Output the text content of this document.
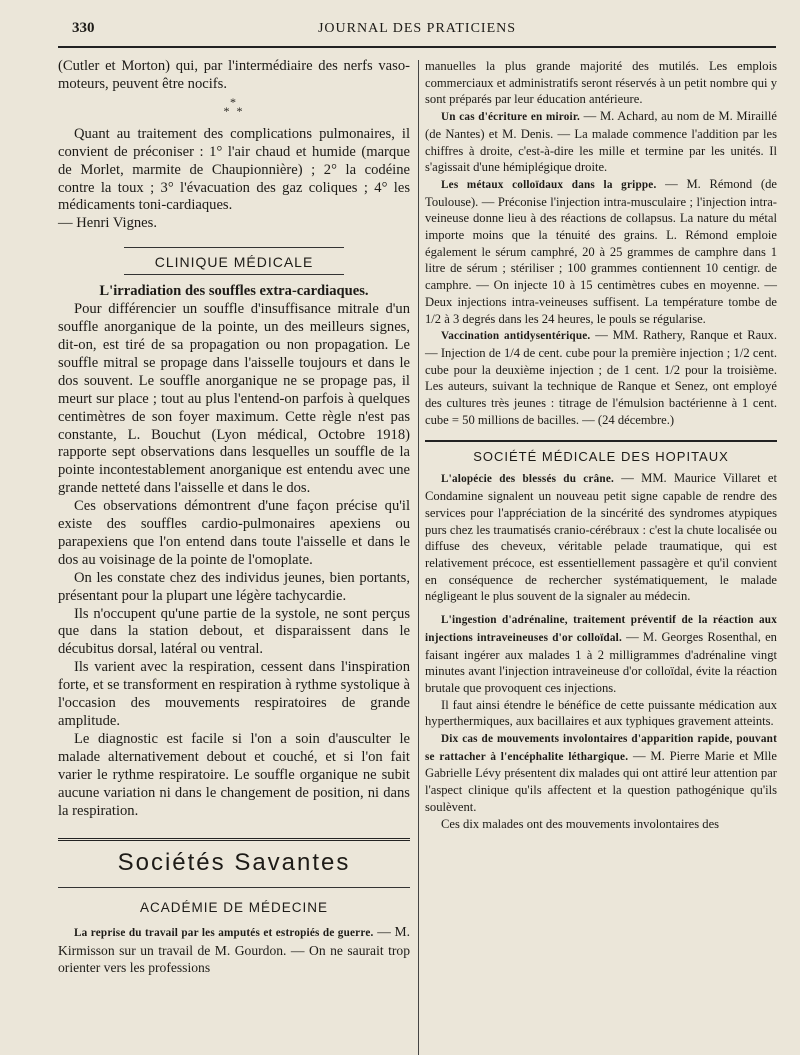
330	JOURNAL DES PRATICIENS

(Cutler et Morton) qui, par l'intermédiaire des nerfs vaso-moteurs, peuvent être nocifs.

*
* *

Quant au traitement des complications pulmonaires, il convient de préconiser : 1° l'air chaud et humide (marque de Morlet, marmite de Chaupionnière) ; 2° la codéine contre la toux ; 3° l'évacuation des gaz coliques ; 4° les médicaments toni-cardiaques.

— Henri Vignes.

CLINIQUE MÉDICALE

L'irradiation des souffles extra-cardiaques.

Pour différencier un souffle d'insuffisance mitrale d'un souffle anorganique de la pointe, un des meilleurs signes, dit-on, est tiré de sa propagation ou non propagation. Le souffle mitral se propage dans l'aisselle toujours et dans le dos souvent. Le souffle anorganique ne se propage pas, il meurt sur place ; tout au plus l'entend-on parfois à quelques centimètres de son foyer maximum. Cette règle n'est pas constante, L. Bouchut (Lyon médical, Octobre 1918) rapporte sept observations dans lesquelles un souffle de la pointe incontestablement anorganique est entendu avec une grande netteté dans l'aisselle et dans le dos.

Ces observations démontrent d'une façon précise qu'il existe des souffles cardio-pulmonaires apexiens ou parapexiens que l'on entend dans toute l'aisselle et dans le dos au voisinage de la pointe de l'omoplate.

On les constate chez des individus jeunes, bien portants, présentant pour la plupart une légère tachycardie.

Ils n'occupent qu'une partie de la systole, ne sont perçus que dans la station debout, et disparaissent dans le décubitus dorsal, latéral ou ventral.

Ils varient avec la respiration, cessent dans l'inspiration forte, et se transforment en respiration à rythme systolique à l'occasion des mouvements respiratoires de grande amplitude.

Le diagnostic est facile si l'on a soin d'ausculter le malade alternativement debout et couché, et si l'on fait varier le rythme respiratoire. Le souffle organique ne subit aucune variation ni dans le changement de position, ni dans la respiration.

Sociétés Savantes
ACADÉMIE DE MÉDECINE

La reprise du travail par les amputés et estropiés de guerre. — M. Kirmisson sur un travail de M. Gourdon. — On ne saurait trop orienter vers les professions

manuelles la plus grande majorité des mutilés. Les emplois commerciaux et administratifs seront réservés à un petit nombre qui y sont préparés par leur éducation antérieure.

Un cas d'écriture en miroir. — M. Achard, au nom de M. Miraillé (de Nantes) et M. Denis. — La malade commence l'addition par les chiffres à droite, c'est-à-dire les mille et termine par les unités. Il s'agissait d'une hémiplégique droite.

Les métaux colloïdaux dans la grippe. — M. Rémond (de Toulouse). — Préconise l'injection intra-musculaire ; l'injection intra-veineuse donne lieu à des réactions de collapsus. La nature du métal importe moins que la ténuité des grains. L. Rémond emploie également le sérum camphré, 20 à 25 grammes de camphre dans 1 litre de sérum ; stériliser ; 100 grammes contiennent 10 centigr. de camphre. — On injecte 10 à 15 centimètres cubes en moyenne. — Deux injections intra-veineuses suffisent. La température tombe de 1/2 à 3 degrés dans les 24 heures, le pouls se régularise.

Vaccination antidysentérique. — MM. Rathery, Ranque et Raux. — Injection de 1/4 de cent. cube pour la première injection ; 1/2 cent. cube pour la deuxième injection ; de 1 cent. 1/2 pour la troisième. Les auteurs, suivant la technique de Ranque et Senez, ont employé des cultures très jeunes : titrage de l'émulsion bactérienne à 1 cent. cube = 50 millions de bacilles. — (24 décembre.)

SOCIÉTÉ MÉDICALE DES HOPITAUX

L'alopécie des blessés du crâne. — MM. Maurice Villaret et Condamine signalent un nouveau petit signe capable de rendre des services pour l'appréciation de la sincérité des syndromes atypiques purs chez les traumatisés cranio-cérébraux : c'est la chute localisée ou diffuse des cheveux, véritable pelade traumatique, qui est relativement précoce, est essentiellement passagère et qu'il convient en conséquence de rechercher systématiquement, le malade négligeant le plus souvent de la signaler au médecin.

L'ingestion d'adrénaline, traitement préventif de la réaction aux injections intraveineuses d'or colloïdal. — M. Georges Rosenthal, en faisant ingérer aux malades 1 à 2 milligrammes d'adrénaline vingt minutes avant l'injection intraveineuse d'or colloïdal, évite la réaction brutale que provoquent ces injections.

Il faut ainsi étendre le bénéfice de cette puissante médication aux hyperthermiques, aux bacillaires et aux typhiques gravement atteints.

Dix cas de mouvements involontaires d'apparition rapide, pouvant se rattacher à l'encéphalite léthargique. — M. Pierre Marie et Mlle Gabrielle Lévy présentent dix malades qui ont attiré leur attention par l'aspect clinique qu'ils affectent et la question pathogénique qu'ils soulèvent.

Ces dix malades ont des mouvements involontaires des
